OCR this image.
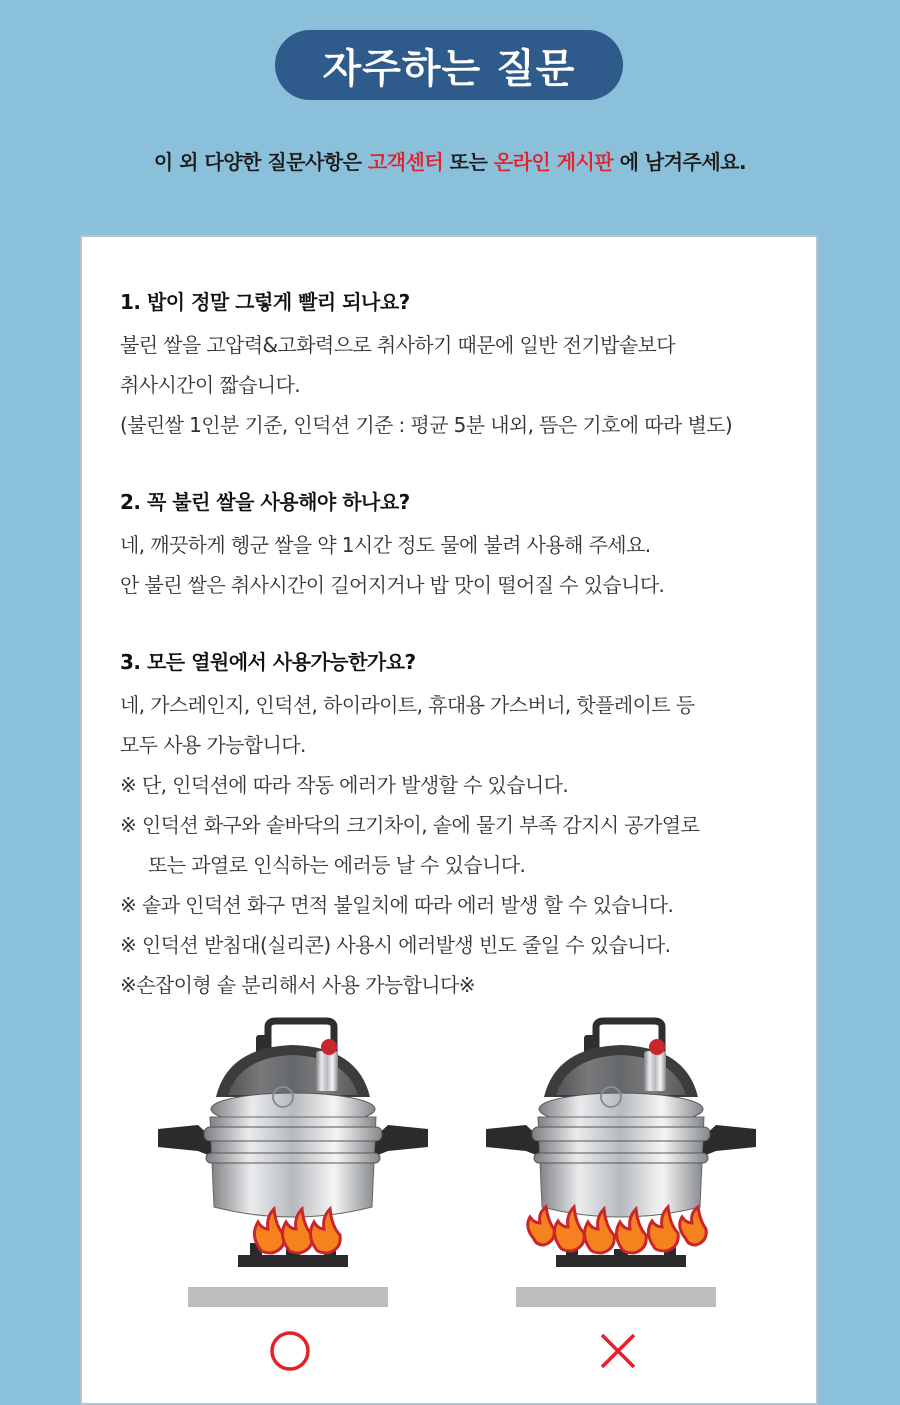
자주하는 질문
이 외 다양한 질문사항은 고객센터 또는 온라인 게시판 에 남겨주세요.

1. 밥이 정말 그렇게 빨리 되나요?

불린 쌀을 고압력&고화력으로 취사하기 때문에 일반 전기밥솥보다

취사시간이 짧습니다.

(불린쌀 1인분 기준, 인덕션 기준 : 평균 5분 내외, 뜸은 기호에 따라 별도)

2. 꼭 불린 쌀을 사용해야 하나요?

네, 깨끗하게 헹군 쌀을 약 1시간 정도 물에 불려 사용해 주세요.

안 불린 쌀은 취사시간이 길어지거나 밥 맛이 떨어질 수 있습니다.

3. 모든 열원에서 사용가능한가요?

네, 가스레인지, 인덕션, 하이라이트, 휴대용 가스버너, 핫플레이트 등

모두 사용 가능합니다.

※ 단, 인덕션에 따라 작동 에러가 발생할 수 있습니다.

※ 인덕션 화구와 솥바닥의 크기차이, 솥에 물기 부족 감지시 공가열로

또는 과열로 인식하는 에러등 날 수 있습니다.

※ 솥과 인덕션 화구 면적 불일치에 따라 에러 발생 할 수 있습니다.

※ 인덕션 받침대(실리콘) 사용시 에러발생 빈도 줄일 수 있습니다.

※손잡이형 솥 분리해서 사용 가능합니다※
